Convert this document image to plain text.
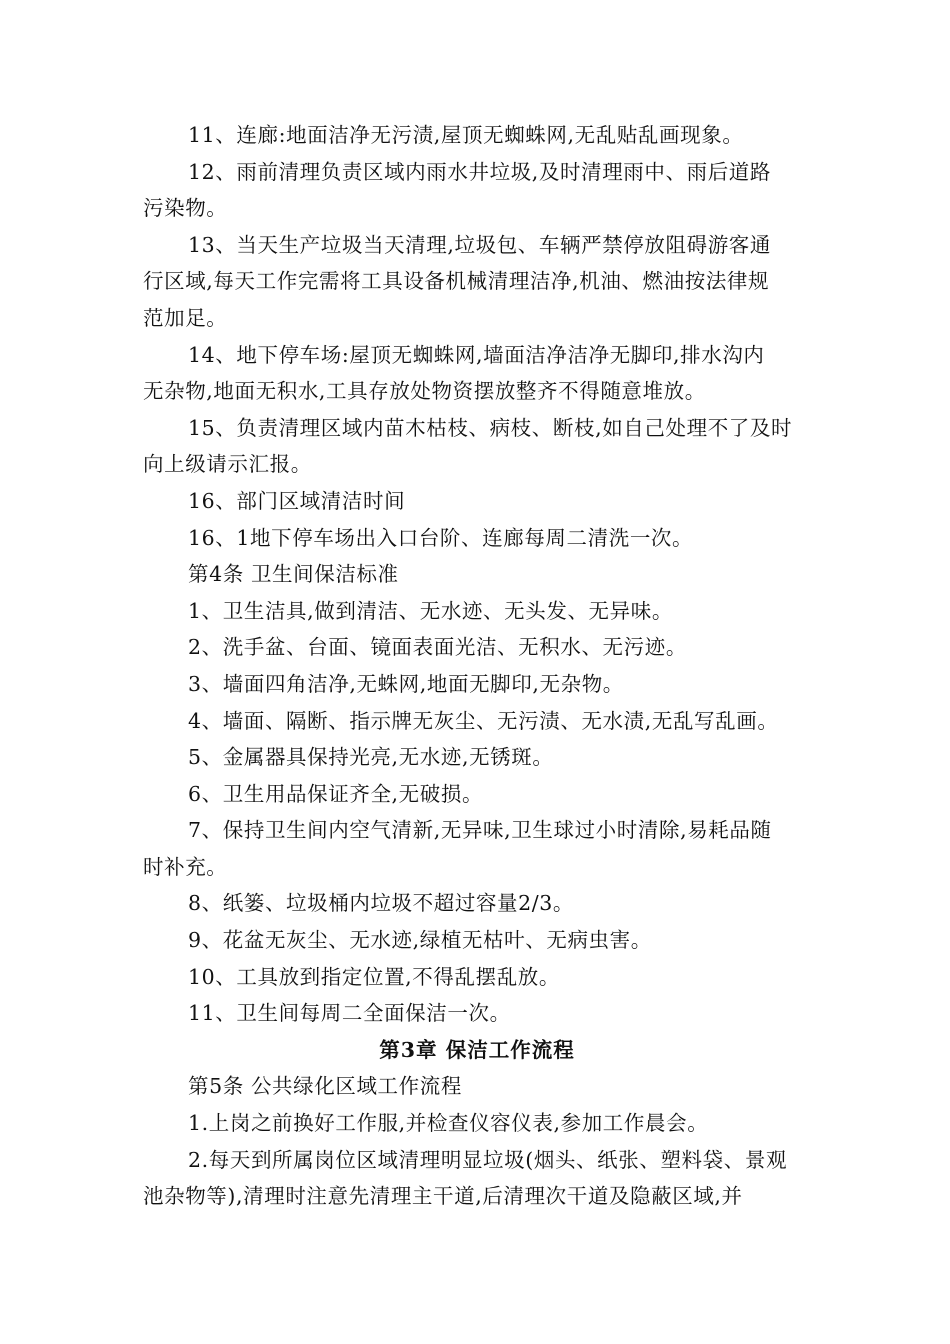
11、连廊:地面洁净无污渍,屋顶无蜘蛛网,无乱贴乱画现象。
12、雨前清理负责区域内雨水井垃圾,及时清理雨中、雨后道路
污染物。
13、当天生产垃圾当天清理,垃圾包、车辆严禁停放阻碍游客通
行区域,每天工作完需将工具设备机械清理洁净,机油、燃油按法律规
范加足。
14、地下停车场:屋顶无蜘蛛网,墙面洁净洁净无脚印,排水沟内
无杂物,地面无积水,工具存放处物资摆放整齐不得随意堆放。
15、负责清理区域内苗木枯枝、病枝、断枝,如自己处理不了及时
向上级请示汇报。
16、部门区域清洁时间
16、1地下停车场出入口台阶、连廊每周二清洗一次。
第4条 卫生间保洁标准
1、卫生洁具,做到清洁、无水迹、无头发、无异味。
2、洗手盆、台面、镜面表面光洁、无积水、无污迹。
3、墙面四角洁净,无蛛网,地面无脚印,无杂物。
4、墙面、隔断、指示牌无灰尘、无污渍、无水渍,无乱写乱画。
5、金属器具保持光亮,无水迹,无锈斑。
6、卫生用品保证齐全,无破损。
7、保持卫生间内空气清新,无异味,卫生球过小时清除,易耗品随
时补充。
8、纸篓、垃圾桶内垃圾不超过容量2/3。
9、花盆无灰尘、无水迹,绿植无枯叶、无病虫害。
10、工具放到指定位置,不得乱摆乱放。
11、卫生间每周二全面保洁一次。
第3章 保洁工作流程
第5条 公共绿化区域工作流程
1.上岗之前换好工作服,并检查仪容仪表,参加工作晨会。
2.每天到所属岗位区域清理明显垃圾(烟头、纸张、塑料袋、景观
池杂物等),清理时注意先清理主干道,后清理次干道及隐蔽区域,并
